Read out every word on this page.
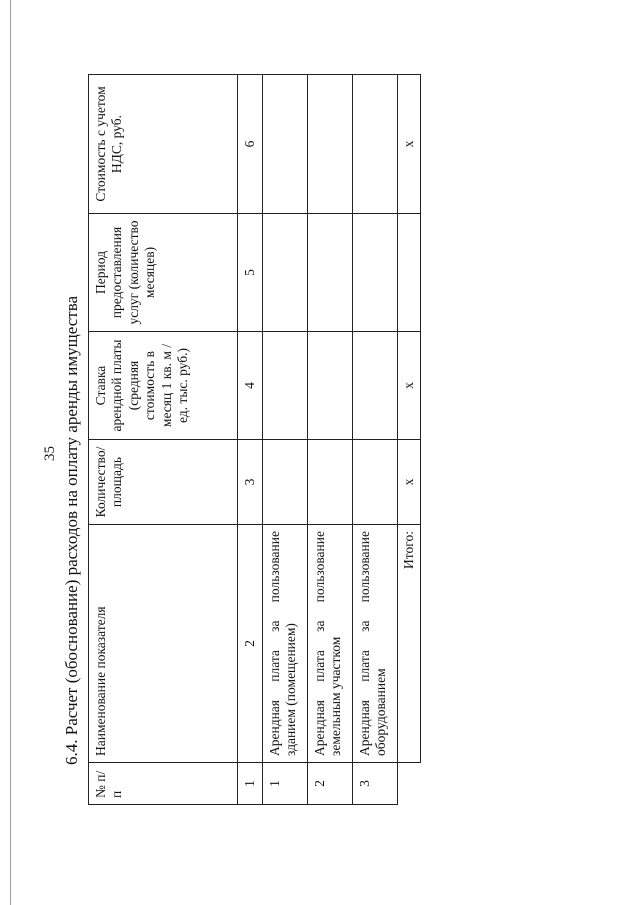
35 6.4. Расчет (обоснование) расходов на оплату аренды имущества
№ п/п	Наименование показателя	Количество/ площадь	Ставка арендной платы (средняя стоимость в месяц 1 кв. м / ед. тыс. руб.)	Период предоставления услуг (количество месяцев)	Стоимость с учетом НДС, руб.
1	2	3	4	5	6
1	Арендная плата за пользование зданием (помещением)				
2	Арендная плата за пользование земельным участком				
3	Арендная плата за пользование оборудованием				
	Итого:	x	x		x
